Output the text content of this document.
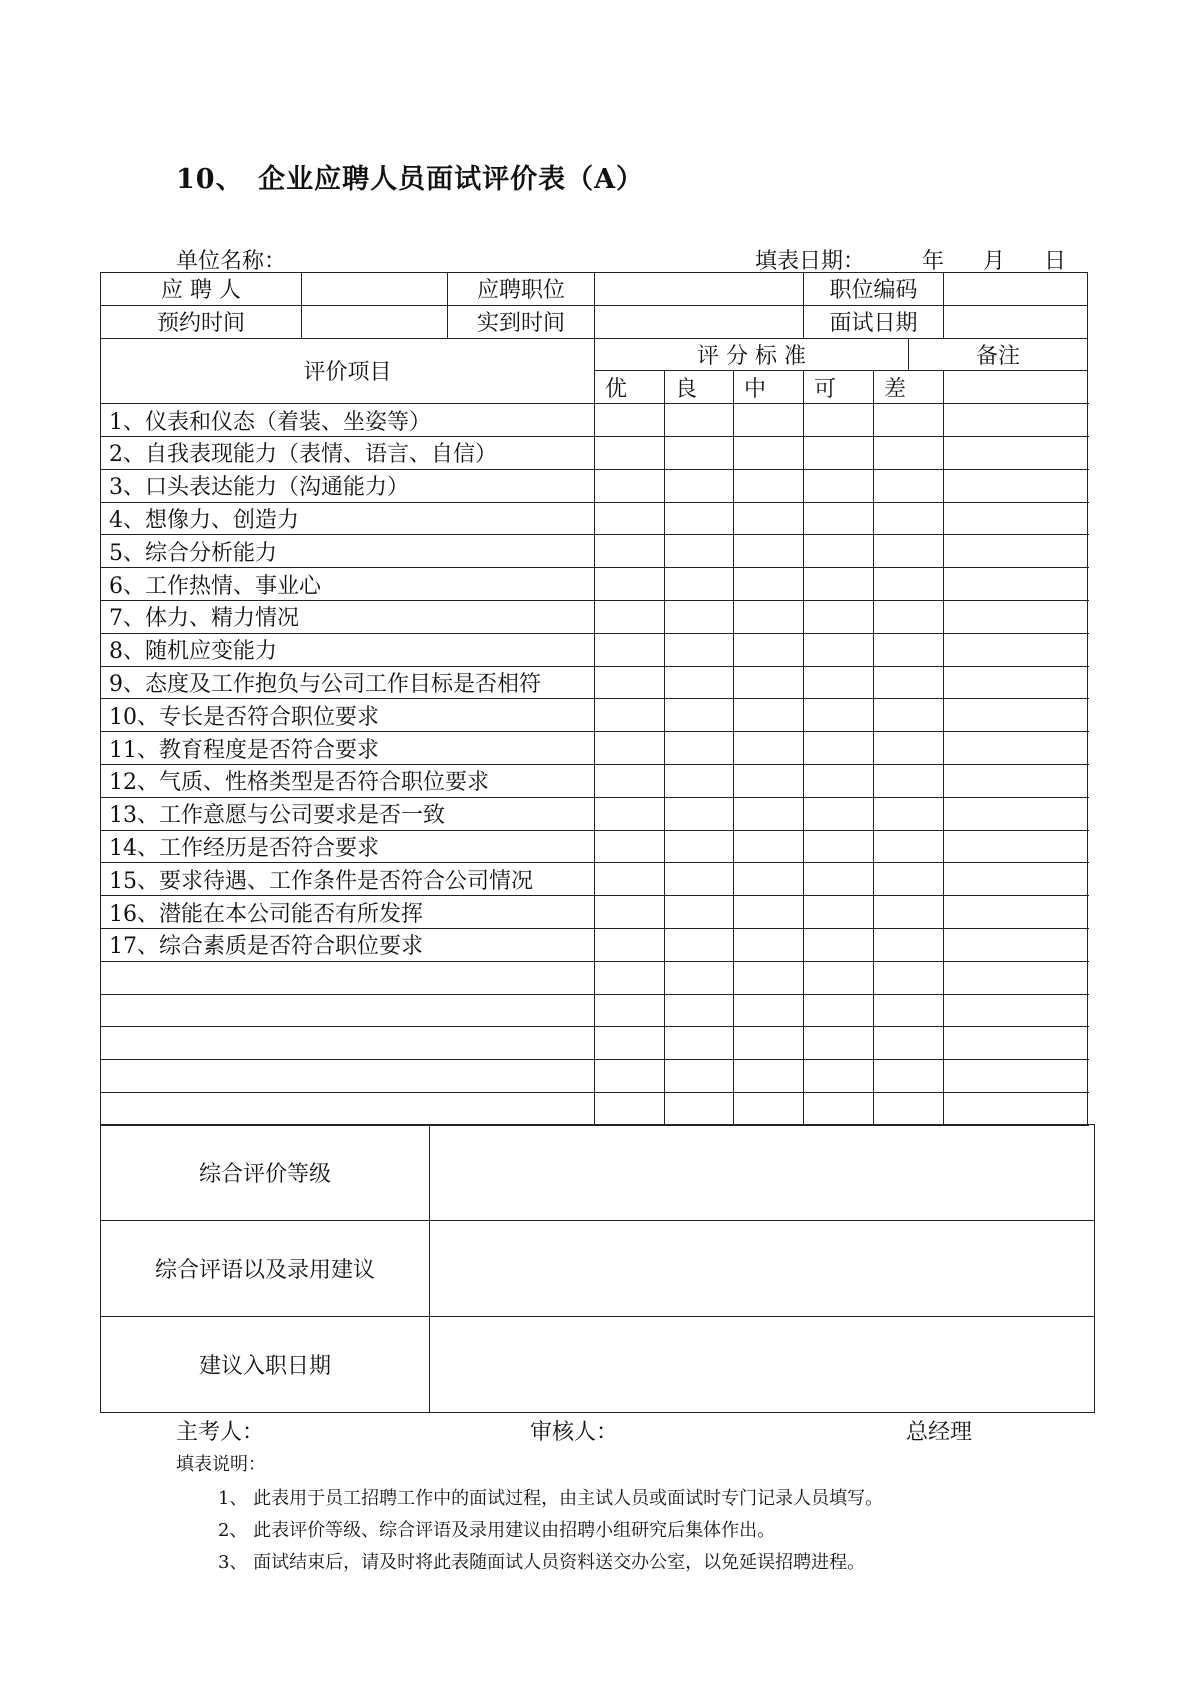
10、　企业应聘人员面试评价表（A）
单位名称：	填表日期：	年 月 日
应 聘 人		应聘职位				职位编码			
预约时间		实到时间				面试日期			
评价项目			评 分 标 准					备注	
			优	良	中	可	差		
1、仪表和仪态（着装、坐姿等）									
2、自我表现能力（表情、语言、自信）									
3、口头表达能力（沟通能力）									
4、想像力、创造力									
5、综合分析能力									
6、工作热情、事业心									
7、体力、精力情况									
8、随机应变能力									
9、态度及工作抱负与公司工作目标是否相符									
10、专长是否符合职位要求									
11、教育程度是否符合要求									
12、气质、性格类型是否符合职位要求									
13、工作意愿与公司要求是否一致									
14、工作经历是否符合要求									
15、要求待遇、工作条件是否符合公司情况									
16、潜能在本公司能否有所发挥									
17、综合素质是否符合职位要求									

综合评价等级	
综合评语以及录用建议	
建议入职日期	
主考人：	审核人：	总经理
填表说明：
1、 此表用于员工招聘工作中的面试过程，由主试人员或面试时专门记录人员填写。
2、 此表评价等级、综合评语及录用建议由招聘小组研究后集体作出。
3、 面试结束后，请及时将此表随面试人员资料送交办公室，以免延误招聘进程。
